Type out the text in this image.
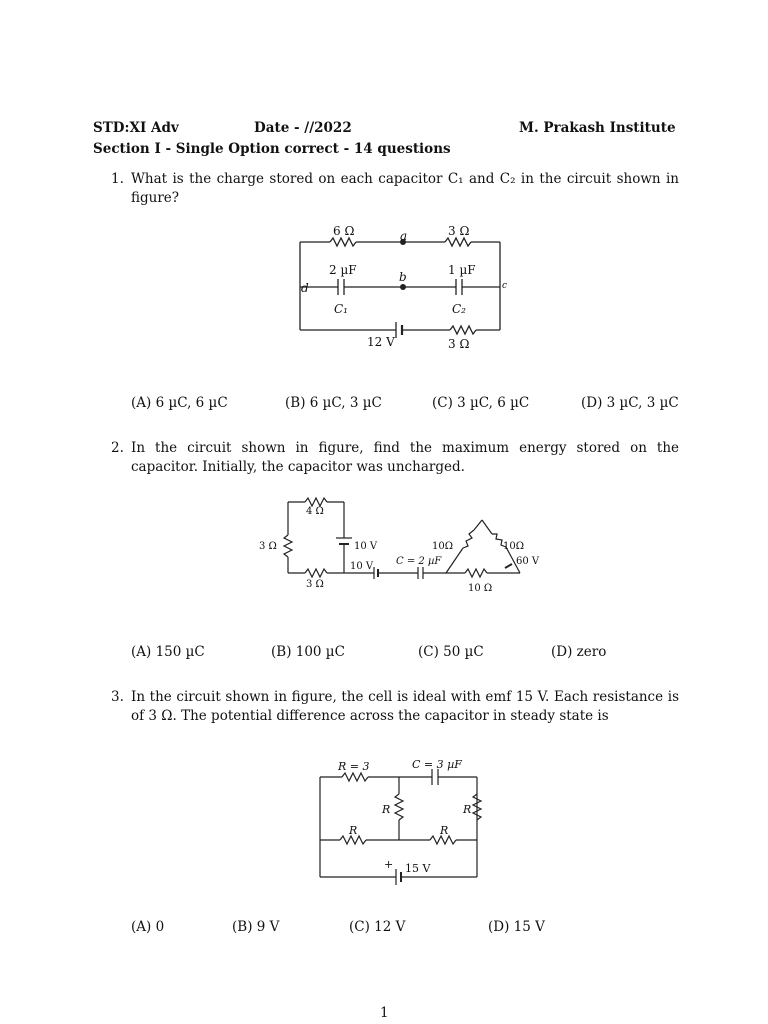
STD:XI Adv	Date - //2022	M. Prakash Institute
Section I - Single Option correct - 14 questions
1. What is the charge stored on each capacitor C₁ and C₂ in the circuit shown in figure?
6 Ω	3 Ω
a
2 µF	1 µF
b
d	c
C₁	C₂
12 V	3 Ω
(A) 6 µC, 6 µC	(B) 6 µC, 3 µC	(C) 3 µC, 6 µC	(D) 3 µC, 3 µC
2. In the circuit shown in figure, find the maximum energy stored on the capacitor. Initially, the capacitor was uncharged.
4 Ω
3 Ω
3 Ω
10 V
10 V C = 2 µF
10Ω	10Ω
10 Ω
60 V
(A) 150 µC	(B) 100 µC	(C) 50 µC	(D) zero
3. In the circuit shown in figure, the cell is ideal with emf 15 V. Each resistance is of 3 Ω. The potential difference across the capacitor in steady state is
R = 3	C = 3 µF
R	R
R	R
+ 15 V
(A) 0	(B) 9 V	(C) 12 V	(D) 15 V
1
